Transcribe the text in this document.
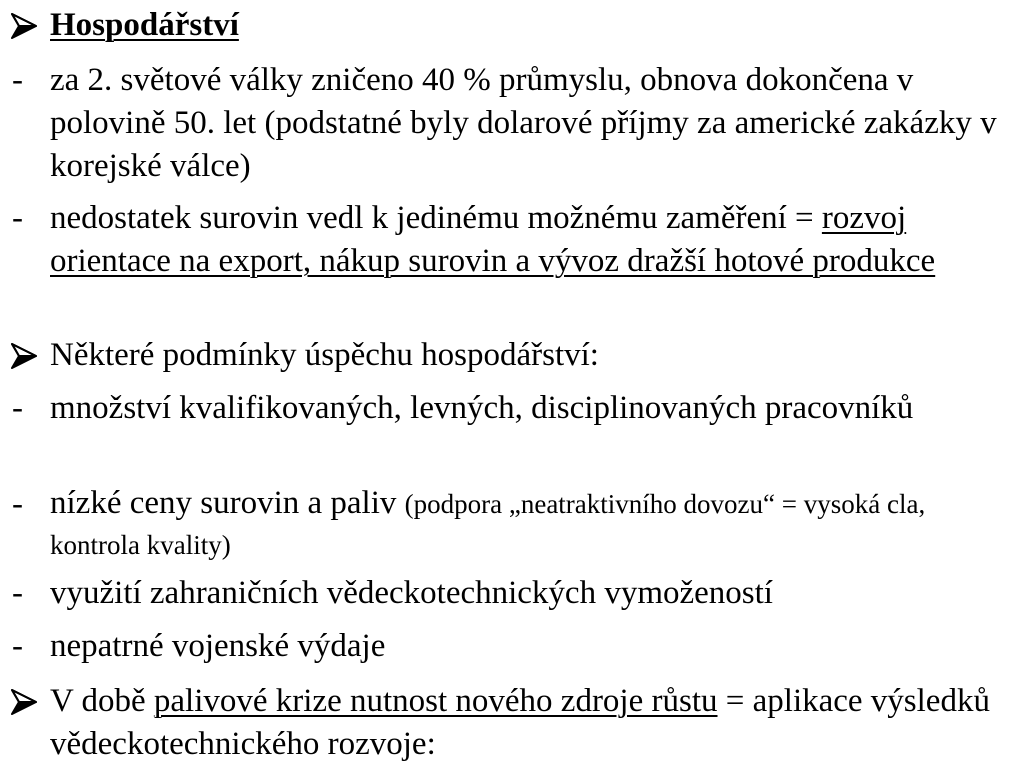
Hospodářství
- za 2. světové války zničeno 40 % průmyslu, obnova dokončena v polovině 50. let (podstatné byly dolarové příjmy za americké zakázky v korejské válce)
- nedostatek surovin vedl k jedinému možnému zaměření = rozvoj orientace na export, nákup surovin a vývoz dražší hotové produkce
Některé podmínky úspěchu hospodářství:
- množství kvalifikovaných, levných, disciplinovaných pracovníků
- nízké ceny surovin a paliv (podpora „neatraktivního dovozu“ = vysoká cla, kontrola kvality)
- využití zahraničních vědeckotechnických vymožeností
- nepatrné vojenské výdaje
V době palivové krize nutnost nového zdroje růstu = aplikace výsledků vědeckotechnického rozvoje:
